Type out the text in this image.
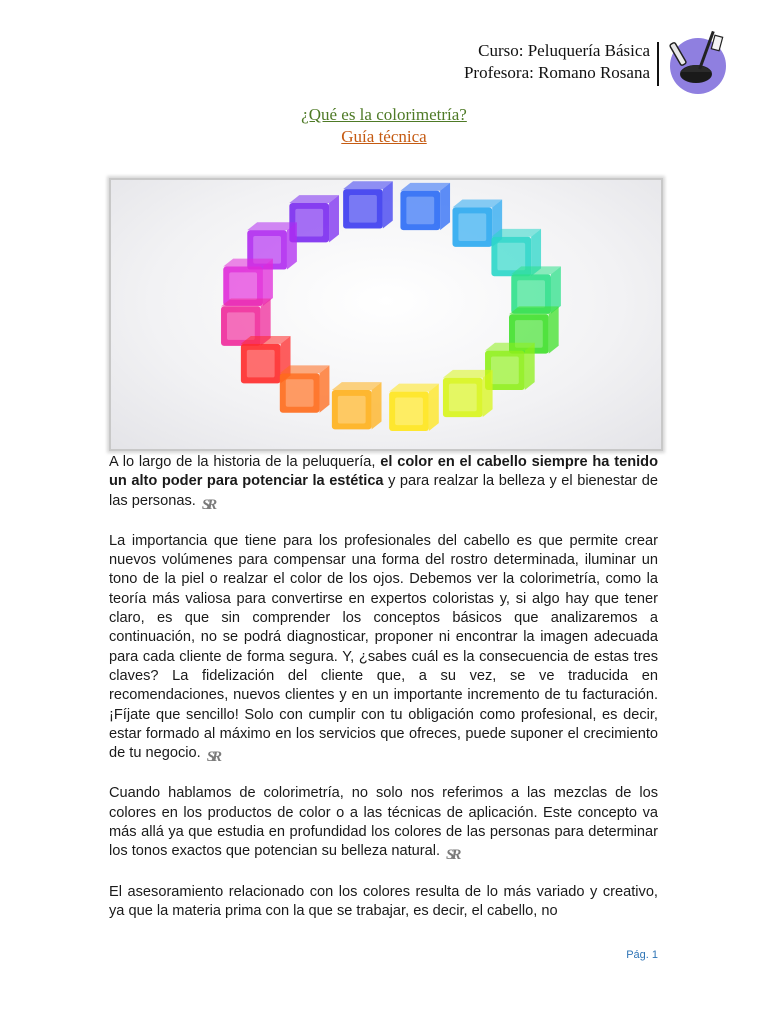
Curso: Peluquería Básica
Profesora: Romano Rosana
¿Qué es la colorimetría?
Guía técnica

A lo largo de la historia de la peluquería, el color en el cabello siempre ha tenido un alto poder para potenciar la estética y para realzar la belleza y el bienestar de las personas. SR

La importancia que tiene para los profesionales del cabello es que permite crear nuevos volúmenes para compensar una forma del rostro determinada, iluminar un tono de la piel o realzar el color de los ojos. Debemos ver la colorimetría, como la teoría más valiosa para convertirse en expertos coloristas y, si algo hay que tener claro, es que sin comprender los conceptos básicos que analizaremos a continuación, no se podrá diagnosticar, proponer ni encontrar la imagen adecuada para cada cliente de forma segura. Y, ¿sabes cuál es la consecuencia de estas tres claves? La fidelización del cliente que, a su vez, se ve traducida en recomendaciones, nuevos clientes y en un importante incremento de tu facturación. ¡Fíjate que sencillo! Solo con cumplir con tu obligación como profesional, es decir, estar formado al máximo en los servicios que ofreces, puede suponer el crecimiento de tu negocio. SR

Cuando hablamos de colorimetría, no solo nos referimos a las mezclas de los colores en los productos de color o a las técnicas de aplicación. Este concepto va más allá ya que estudia en profundidad los colores de las personas para determinar los tonos exactos que potencian su belleza natural. SR

El asesoramiento relacionado con los colores resulta de lo más variado y creativo, ya que la materia prima con la que se trabajar, es decir, el cabello, no

Pág. 1
